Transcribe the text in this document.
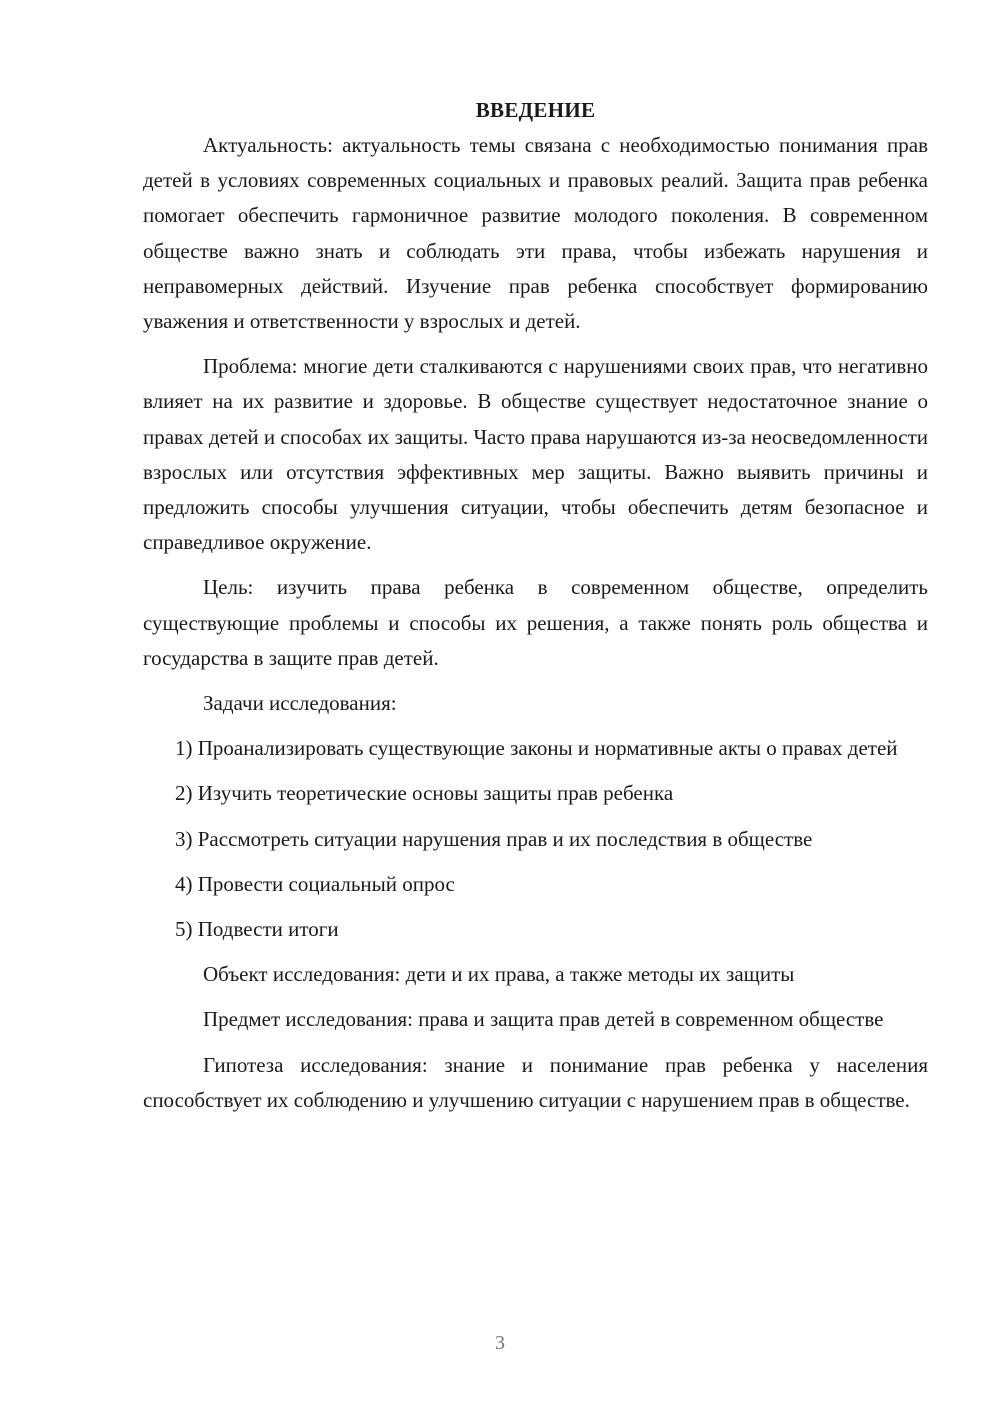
ВВЕДЕНИЕ

Актуальность: актуальность темы связана с необходимостью понимания прав детей в условиях современных социальных и правовых реалий. Защита прав ребенка помогает обеспечить гармоничное развитие молодого поколения. В современном обществе важно знать и соблюдать эти права, чтобы избежать нарушения и неправомерных действий. Изучение прав ребенка способствует формированию уважения и ответственности у взрослых и детей.

Проблема: многие дети сталкиваются с нарушениями своих прав, что негативно влияет на их развитие и здоровье. В обществе существует недостаточное знание о правах детей и способах их защиты. Часто права нарушаются из-за неосведомленности взрослых или отсутствия эффективных мер защиты. Важно выявить причины и предложить способы улучшения ситуации, чтобы обеспечить детям безопасное и справедливое окружение.

Цель: изучить права ребенка в современном обществе, определить существующие проблемы и способы их решения, а также понять роль общества и государства в защите прав детей.

Задачи исследования:

1) Проанализировать существующие законы и нормативные акты о правах детей

2) Изучить теоретические основы защиты прав ребенка

3) Рассмотреть ситуации нарушения прав и их последствия в обществе

4) Провести социальный опрос

5) Подвести итоги

Объект исследования: дети и их права, а также методы их защиты

Предмет исследования: права и защита прав детей в современном обществе

Гипотеза исследования: знание и понимание прав ребенка у населения способствует их соблюдению и улучшению ситуации с нарушением прав в обществе.

3
